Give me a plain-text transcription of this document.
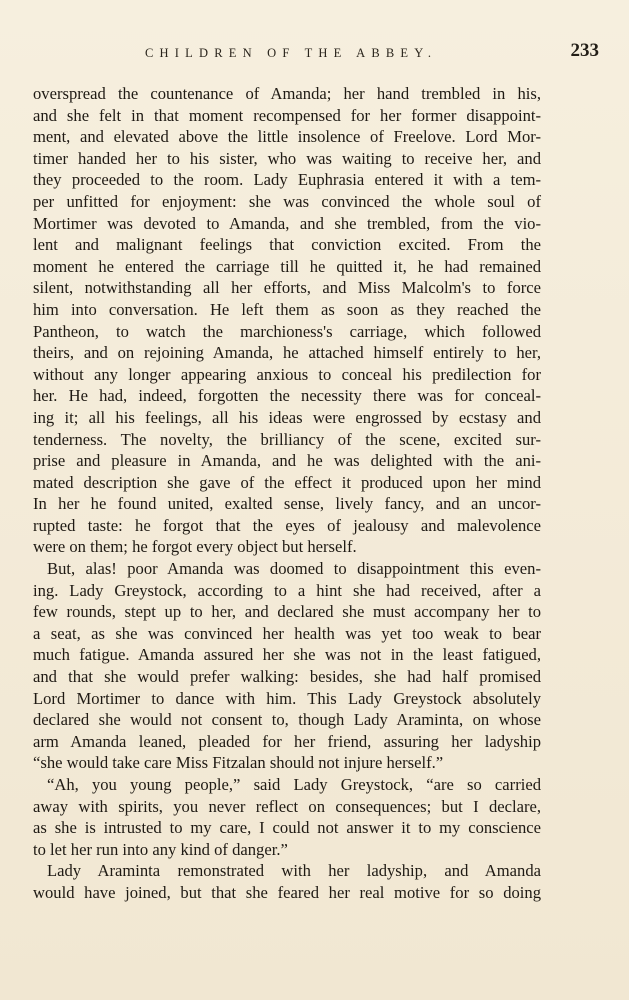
CHILDREN OF THE ABBEY.	233
overspread the countenance of Amanda; her hand trembled in his,
and she felt in that moment recompensed for her former disappoint-
ment, and elevated above the little insolence of Freelove. Lord Mor-
timer handed her to his sister, who was waiting to receive her, and
they proceeded to the room. Lady Euphrasia entered it with a tem-
per unfitted for enjoyment: she was convinced the whole soul of
Mortimer was devoted to Amanda, and she trembled, from the vio-
lent and malignant feelings that conviction excited. From the
moment he entered the carriage till he quitted it, he had remained
silent, notwithstanding all her efforts, and Miss Malcolm's to force
him into conversation. He left them as soon as they reached the
Pantheon, to watch the marchioness's carriage, which followed
theirs, and on rejoining Amanda, he attached himself entirely to her,
without any longer appearing anxious to conceal his predilection for
her. He had, indeed, forgotten the necessity there was for conceal-
ing it; all his feelings, all his ideas were engrossed by ecstasy and
tenderness. The novelty, the brilliancy of the scene, excited sur-
prise and pleasure in Amanda, and he was delighted with the ani-
mated description she gave of the effect it produced upon her mind
In her he found united, exalted sense, lively fancy, and an uncor-
rupted taste: he forgot that the eyes of jealousy and malevolence
were on them; he forgot every object but herself.
But, alas! poor Amanda was doomed to disappointment this even-
ing. Lady Greystock, according to a hint she had received, after a
few rounds, stept up to her, and declared she must accompany her to
a seat, as she was convinced her health was yet too weak to bear
much fatigue. Amanda assured her she was not in the least fatigued,
and that she would prefer walking: besides, she had half promised
Lord Mortimer to dance with him. This Lady Greystock absolutely
declared she would not consent to, though Lady Araminta, on whose
arm Amanda leaned, pleaded for her friend, assuring her ladyship
“she would take care Miss Fitzalan should not injure herself.”
“Ah, you young people,” said Lady Greystock, “are so carried
away with spirits, you never reflect on consequences; but I declare,
as she is intrusted to my care, I could not answer it to my conscience
to let her run into any kind of danger.”
Lady Araminta remonstrated with her ladyship, and Amanda
would have joined, but that she feared her real motive for so doing
